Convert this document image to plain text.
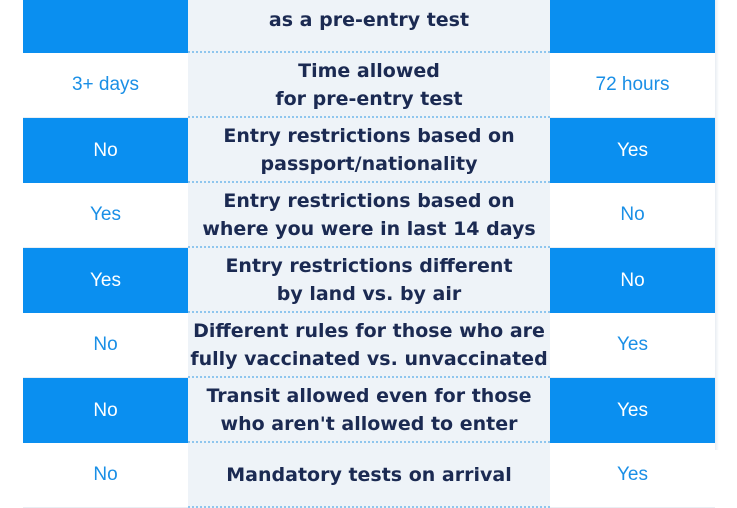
as a pre-entry test
3+ days
Time allowed
for pre-entry test
72 hours
No
Entry restrictions based on
passport/nationality
Yes
Yes
Entry restrictions based on
where you were in last 14 days
No
Yes
Entry restrictions different
by land vs. by air
No
No
Different rules for those who are
fully vaccinated vs. unvaccinated
Yes
No
Transit allowed even for those
who aren't allowed to enter
Yes
No	Mandatory tests on arrival	Yes
